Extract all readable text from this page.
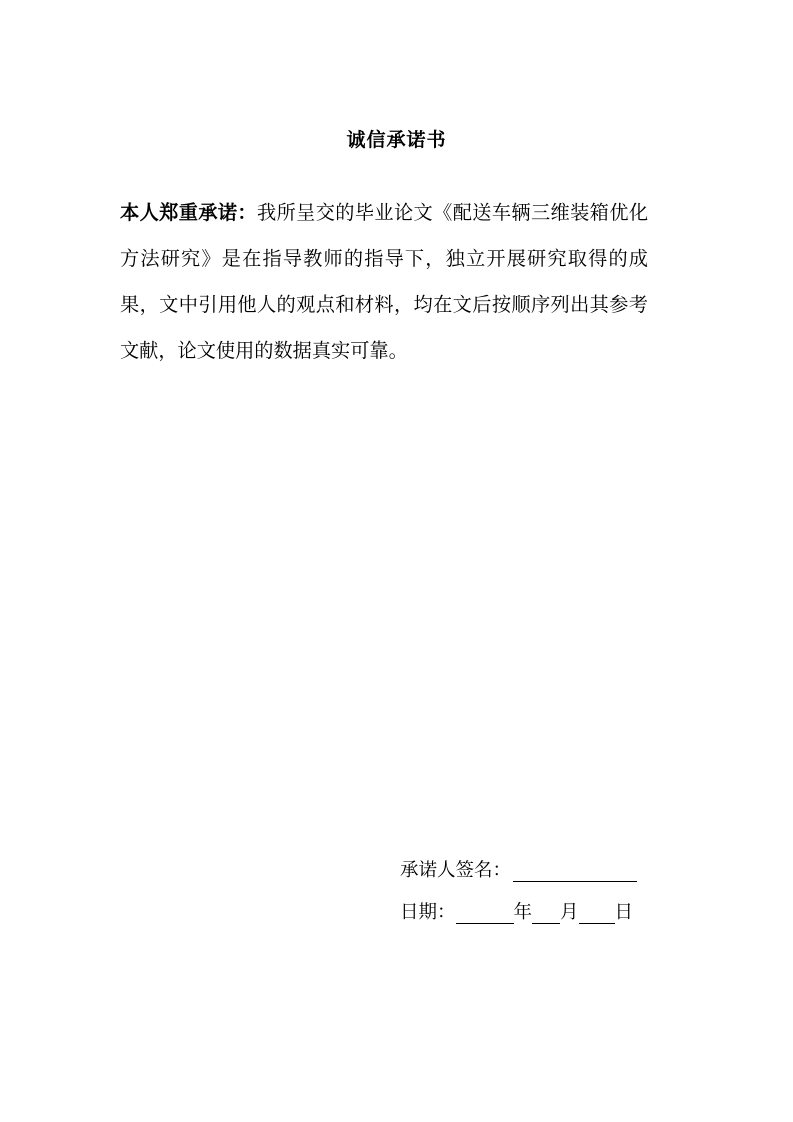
诚信承诺书
本人郑重承诺：我所呈交的毕业论文《配送车辆三维装箱优化方法研究》是在指导教师的指导下，独立开展研究取得的成果，文中引用他人的观点和材料，均在文后按顺序列出其参考文献，论文使用的数据真实可靠。
承诺人签名：
日期：	年 月 日
